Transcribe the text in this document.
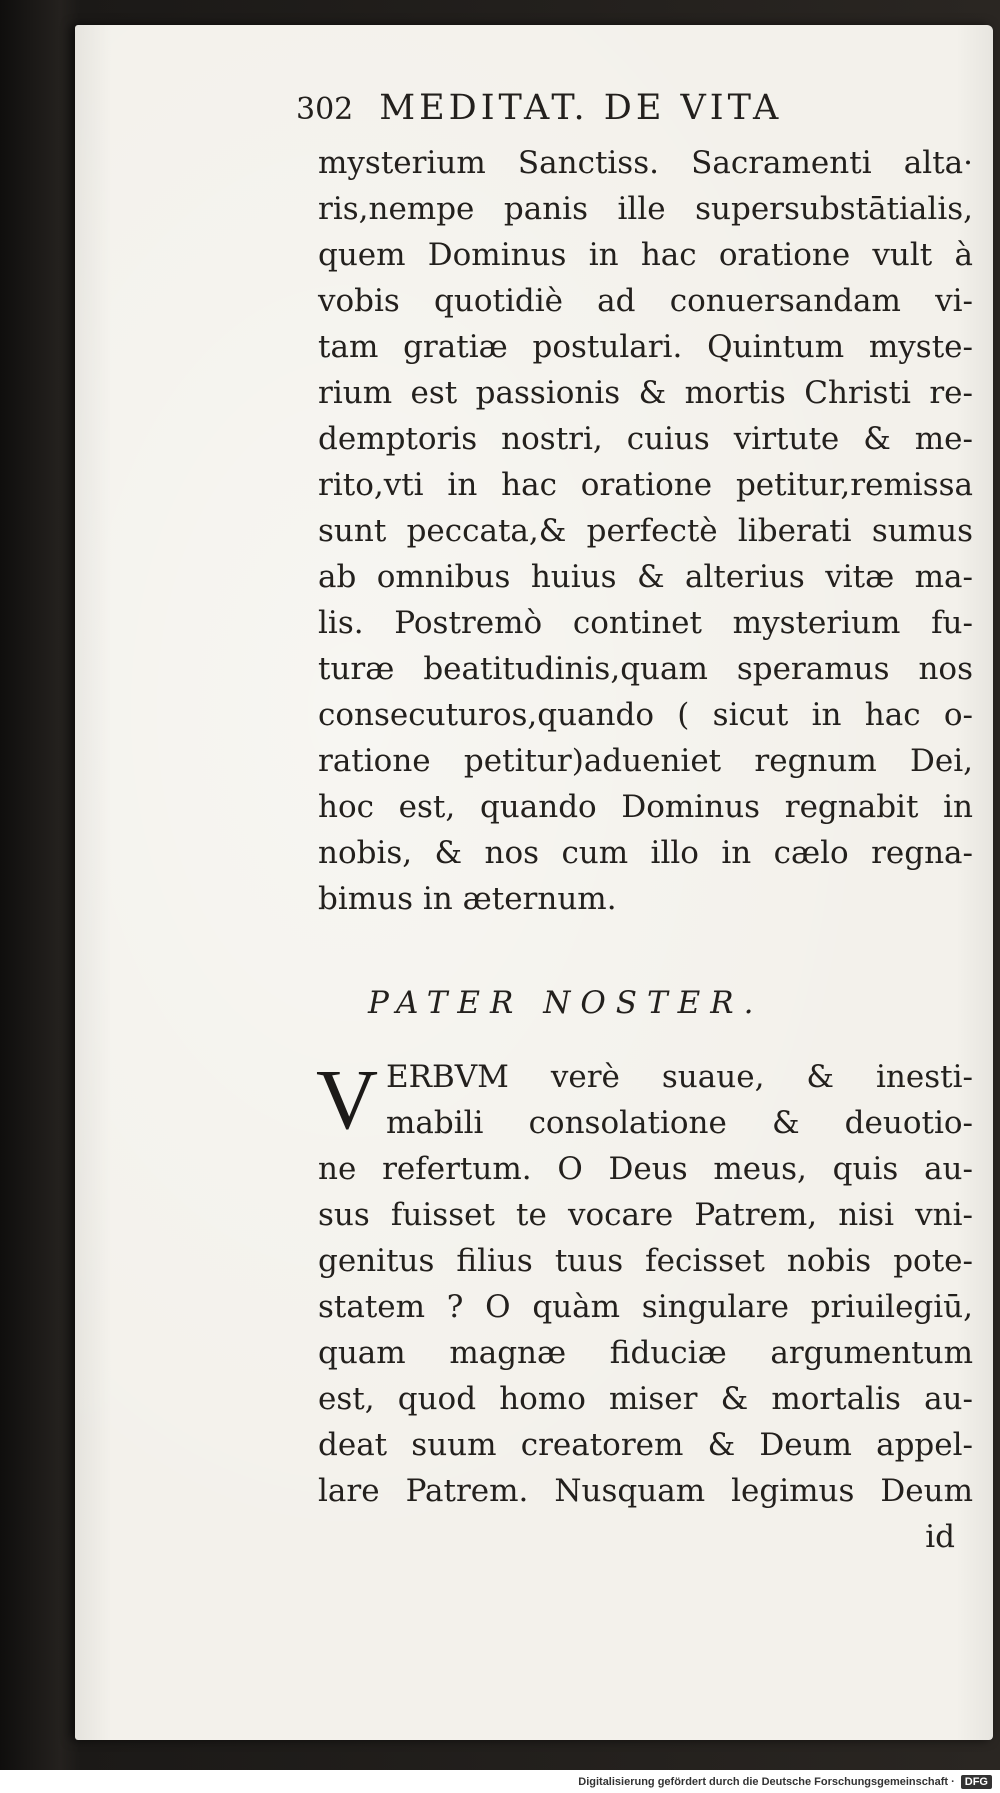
302 MEDITAT. DE VITA
mysterium Sanctiss. Sacramenti alta·
ris,nempe panis ille supersubstātialis,
quem Dominus in hac oratione vult à
vobis quotidiè ad conuersandam vi-
tam gratiæ postulari. Quintum myste-
rium est passionis & mortis Christi re-
demptoris nostri, cuius virtute & me-
rito,vti in hac oratione petitur,remissa
sunt peccata,& perfectè liberati sumus
ab omnibus huius & alterius vitæ ma-
lis. Postremò continet mysterium fu-
turæ beatitudinis,quam speramus nos
consecuturos,quando ( sicut in hac o-
ratione petitur)adueniet regnum Dei,
hoc est, quando Dominus regnabit in
nobis, & nos cum illo in cælo regna-
bimus in æternum.
PATER NOSTER.
V ERBVM verè suaue, & inesti-
mabili consolatione & deuotio-
ne refertum. O Deus meus, quis au-
sus fuisset te vocare Patrem, nisi vni-
genitus filius tuus fecisset nobis pote-
statem ? O quàm singulare priuilegiū,
quam magnæ fiduciæ argumentum
est, quod homo miser & mortalis au-
deat suum creatorem & Deum appel-
lare Patrem. Nusquam legimus Deum
id
Digitalisierung gefördert durch die Deutsche Forschungsgemeinschaft · DFG
